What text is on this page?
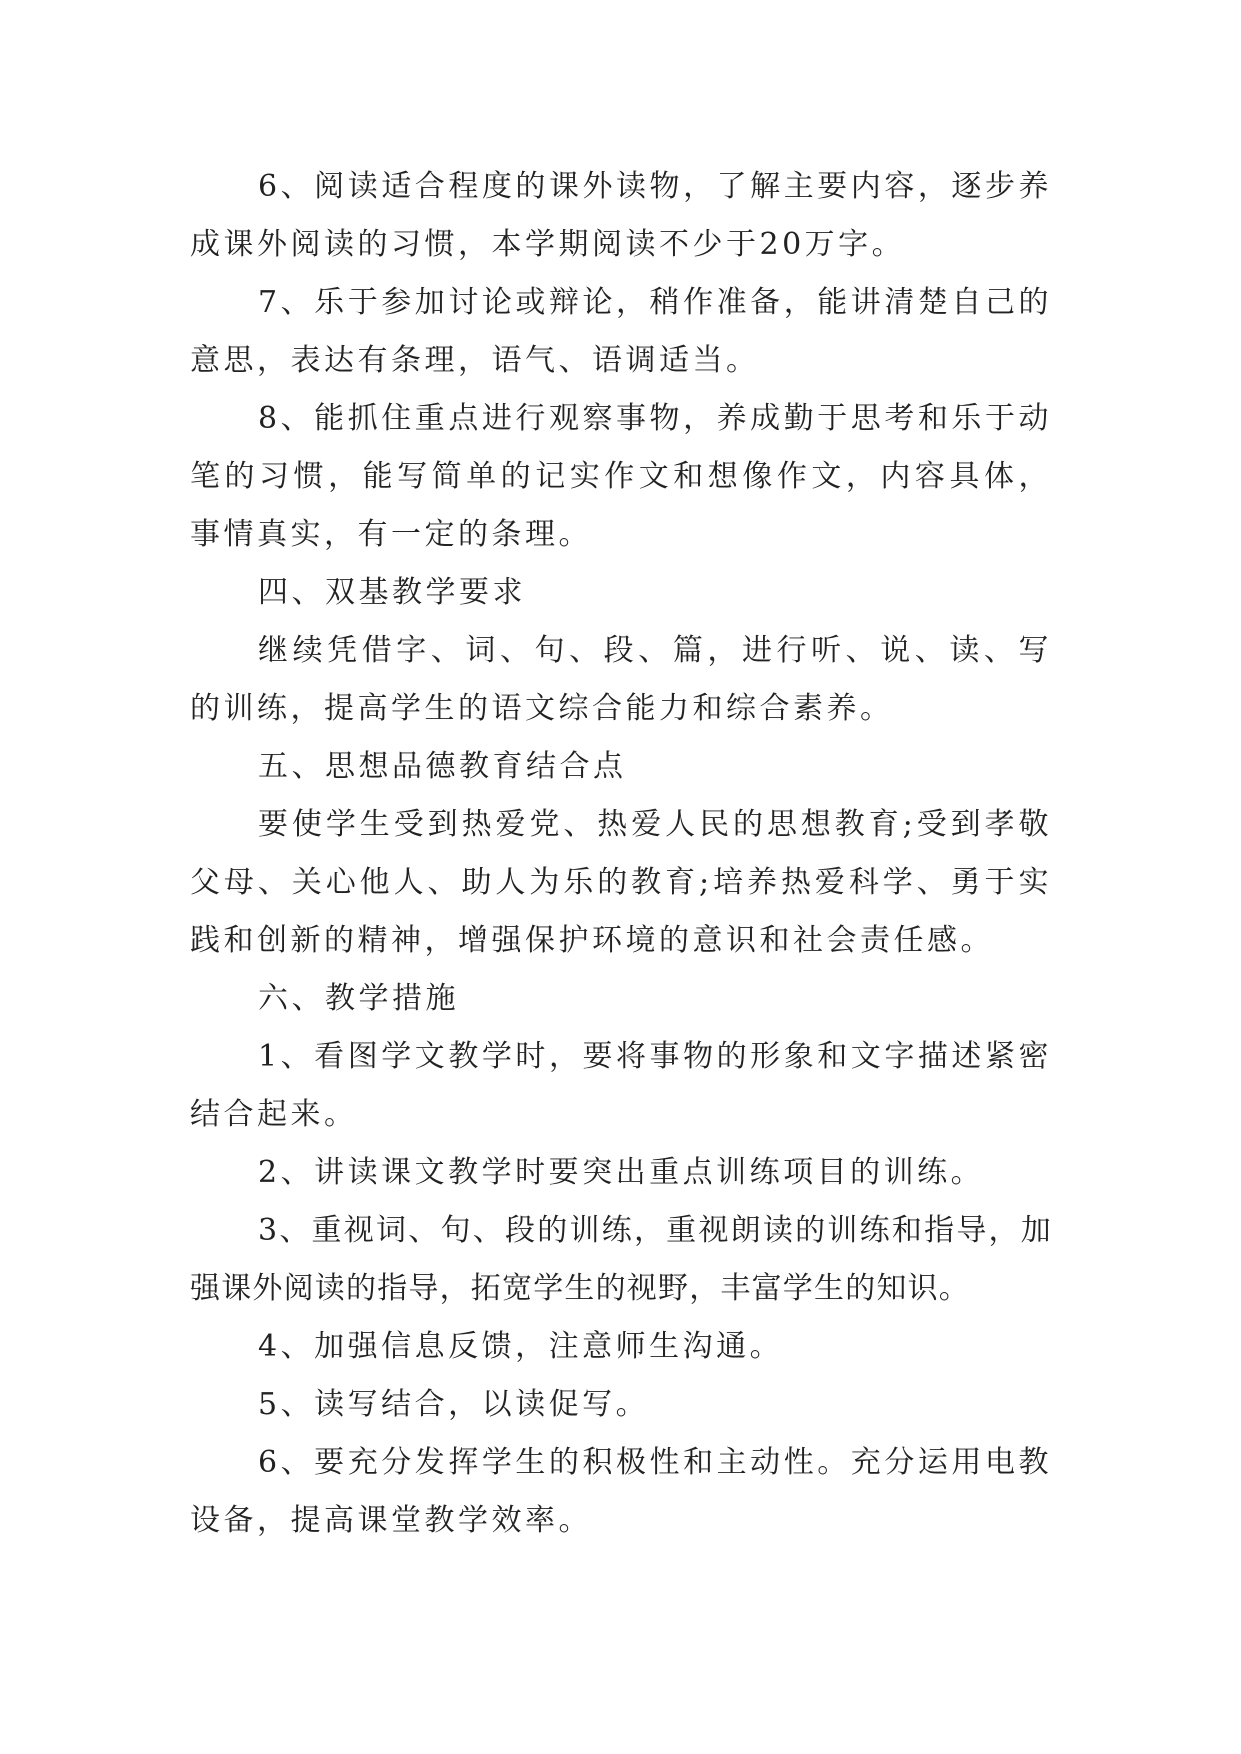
6、阅读适合程度的课外读物，了解主要内容，逐步养成课外阅读的习惯，本学期阅读不少于20万字。

7、乐于参加讨论或辩论，稍作准备，能讲清楚自己的意思，表达有条理，语气、语调适当。

8、能抓住重点进行观察事物，养成勤于思考和乐于动笔的习惯，能写简单的记实作文和想像作文，内容具体，事情真实，有一定的条理。

四、双基教学要求

继续凭借字、词、句、段、篇，进行听、说、读、写的训练，提高学生的语文综合能力和综合素养。

五、思想品德教育结合点

要使学生受到热爱党、热爱人民的思想教育;受到孝敬父母、关心他人、助人为乐的教育;培养热爱科学、勇于实践和创新的精神，增强保护环境的意识和社会责任感。

六、教学措施

1、看图学文教学时，要将事物的形象和文字描述紧密结合起来。

2、讲读课文教学时要突出重点训练项目的训练。

3、重视词、句、段的训练，重视朗读的训练和指导，加强课外阅读的指导，拓宽学生的视野，丰富学生的知识。

4、加强信息反馈，注意师生沟通。

5、读写结合，以读促写。

6、要充分发挥学生的积极性和主动性。充分运用电教设备，提高课堂教学效率。
